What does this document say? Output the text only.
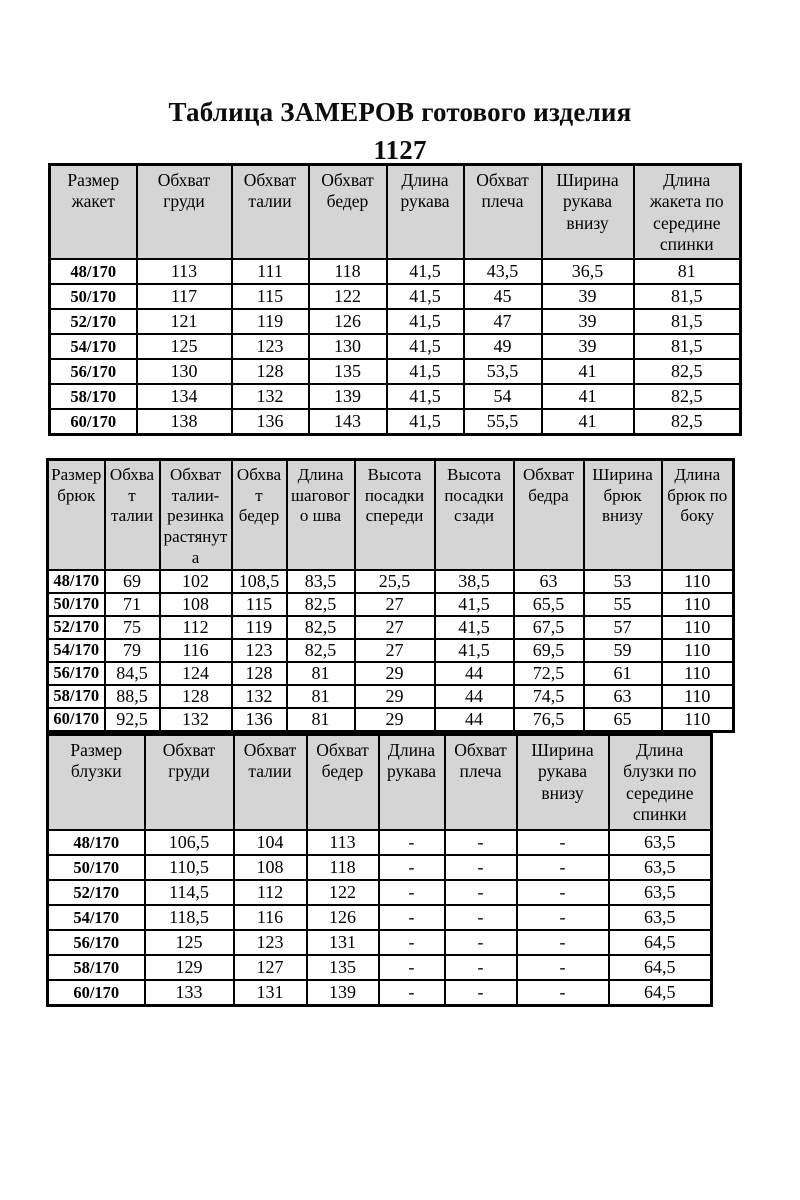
Таблица ЗАМЕРОВ готового изделия
1127
Размер жакет	Обхват груди	Обхват талии	Обхват бедер	Длина рукава	Обхват плеча	Ширина рукава внизу	Длина жакета по середине спинки
48/170	113	111	118	41,5	43,5	36,5	81
50/170	117	115	122	41,5	45	39	81,5
52/170	121	119	126	41,5	47	39	81,5
54/170	125	123	130	41,5	49	39	81,5
56/170	130	128	135	41,5	53,5	41	82,5
58/170	134	132	139	41,5	54	41	82,5
60/170	138	136	143	41,5	55,5	41	82,5
Размер брюк	Обхват талии	Обхват талии-резинка растянута	Обхват бедер	Длина шагового шва	Высота посадки спереди	Высота посадки сзади	Обхват бедра	Ширина брюк внизу	Длина брюк по боку
48/170	69	102	108,5	83,5	25,5	38,5	63	53	110
50/170	71	108	115	82,5	27	41,5	65,5	55	110
52/170	75	112	119	82,5	27	41,5	67,5	57	110
54/170	79	116	123	82,5	27	41,5	69,5	59	110
56/170	84,5	124	128	81	29	44	72,5	61	110
58/170	88,5	128	132	81	29	44	74,5	63	110
60/170	92,5	132	136	81	29	44	76,5	65	110
Размер блузки	Обхват груди	Обхват талии	Обхват бедер	Длина рукава	Обхват плеча	Ширина рукава внизу	Длина блузки по середине спинки
48/170	106,5	104	113	-	-	-	63,5
50/170	110,5	108	118	-	-	-	63,5
52/170	114,5	112	122	-	-	-	63,5
54/170	118,5	116	126	-	-	-	63,5
56/170	125	123	131	-	-	-	64,5
58/170	129	127	135	-	-	-	64,5
60/170	133	131	139	-	-	-	64,5
